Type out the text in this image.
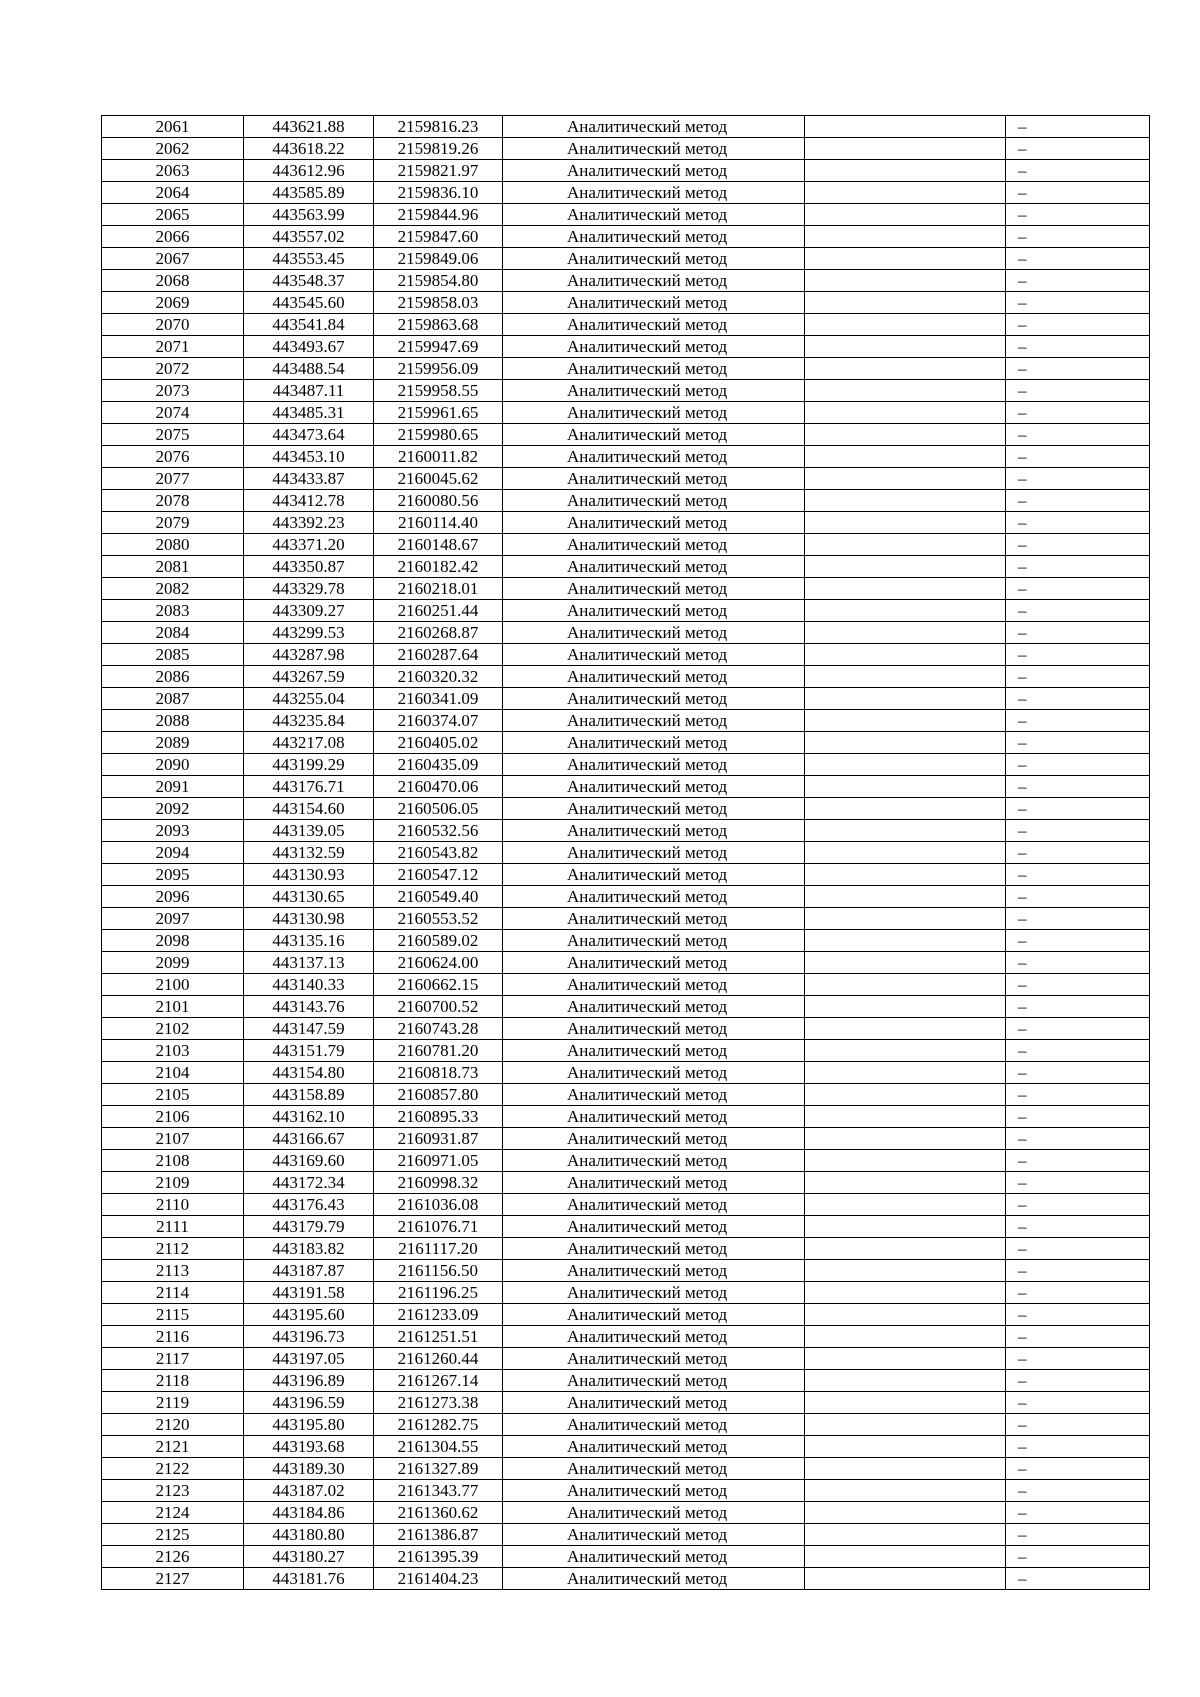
2061	443621.88	2159816.23	Аналитический метод		–
2062	443618.22	2159819.26	Аналитический метод		–
2063	443612.96	2159821.97	Аналитический метод		–
2064	443585.89	2159836.10	Аналитический метод		–
2065	443563.99	2159844.96	Аналитический метод		–
2066	443557.02	2159847.60	Аналитический метод		–
2067	443553.45	2159849.06	Аналитический метод		–
2068	443548.37	2159854.80	Аналитический метод		–
2069	443545.60	2159858.03	Аналитический метод		–
2070	443541.84	2159863.68	Аналитический метод		–
2071	443493.67	2159947.69	Аналитический метод		–
2072	443488.54	2159956.09	Аналитический метод		–
2073	443487.11	2159958.55	Аналитический метод		–
2074	443485.31	2159961.65	Аналитический метод		–
2075	443473.64	2159980.65	Аналитический метод		–
2076	443453.10	2160011.82	Аналитический метод		–
2077	443433.87	2160045.62	Аналитический метод		–
2078	443412.78	2160080.56	Аналитический метод		–
2079	443392.23	2160114.40	Аналитический метод		–
2080	443371.20	2160148.67	Аналитический метод		–
2081	443350.87	2160182.42	Аналитический метод		–
2082	443329.78	2160218.01	Аналитический метод		–
2083	443309.27	2160251.44	Аналитический метод		–
2084	443299.53	2160268.87	Аналитический метод		–
2085	443287.98	2160287.64	Аналитический метод		–
2086	443267.59	2160320.32	Аналитический метод		–
2087	443255.04	2160341.09	Аналитический метод		–
2088	443235.84	2160374.07	Аналитический метод		–
2089	443217.08	2160405.02	Аналитический метод		–
2090	443199.29	2160435.09	Аналитический метод		–
2091	443176.71	2160470.06	Аналитический метод		–
2092	443154.60	2160506.05	Аналитический метод		–
2093	443139.05	2160532.56	Аналитический метод		–
2094	443132.59	2160543.82	Аналитический метод		–
2095	443130.93	2160547.12	Аналитический метод		–
2096	443130.65	2160549.40	Аналитический метод		–
2097	443130.98	2160553.52	Аналитический метод		–
2098	443135.16	2160589.02	Аналитический метод		–
2099	443137.13	2160624.00	Аналитический метод		–
2100	443140.33	2160662.15	Аналитический метод		–
2101	443143.76	2160700.52	Аналитический метод		–
2102	443147.59	2160743.28	Аналитический метод		–
2103	443151.79	2160781.20	Аналитический метод		–
2104	443154.80	2160818.73	Аналитический метод		–
2105	443158.89	2160857.80	Аналитический метод		–
2106	443162.10	2160895.33	Аналитический метод		–
2107	443166.67	2160931.87	Аналитический метод		–
2108	443169.60	2160971.05	Аналитический метод		–
2109	443172.34	2160998.32	Аналитический метод		–
2110	443176.43	2161036.08	Аналитический метод		–
2111	443179.79	2161076.71	Аналитический метод		–
2112	443183.82	2161117.20	Аналитический метод		–
2113	443187.87	2161156.50	Аналитический метод		–
2114	443191.58	2161196.25	Аналитический метод		–
2115	443195.60	2161233.09	Аналитический метод		–
2116	443196.73	2161251.51	Аналитический метод		–
2117	443197.05	2161260.44	Аналитический метод		–
2118	443196.89	2161267.14	Аналитический метод		–
2119	443196.59	2161273.38	Аналитический метод		–
2120	443195.80	2161282.75	Аналитический метод		–
2121	443193.68	2161304.55	Аналитический метод		–
2122	443189.30	2161327.89	Аналитический метод		–
2123	443187.02	2161343.77	Аналитический метод		–
2124	443184.86	2161360.62	Аналитический метод		–
2125	443180.80	2161386.87	Аналитический метод		–
2126	443180.27	2161395.39	Аналитический метод		–
2127	443181.76	2161404.23	Аналитический метод		–
